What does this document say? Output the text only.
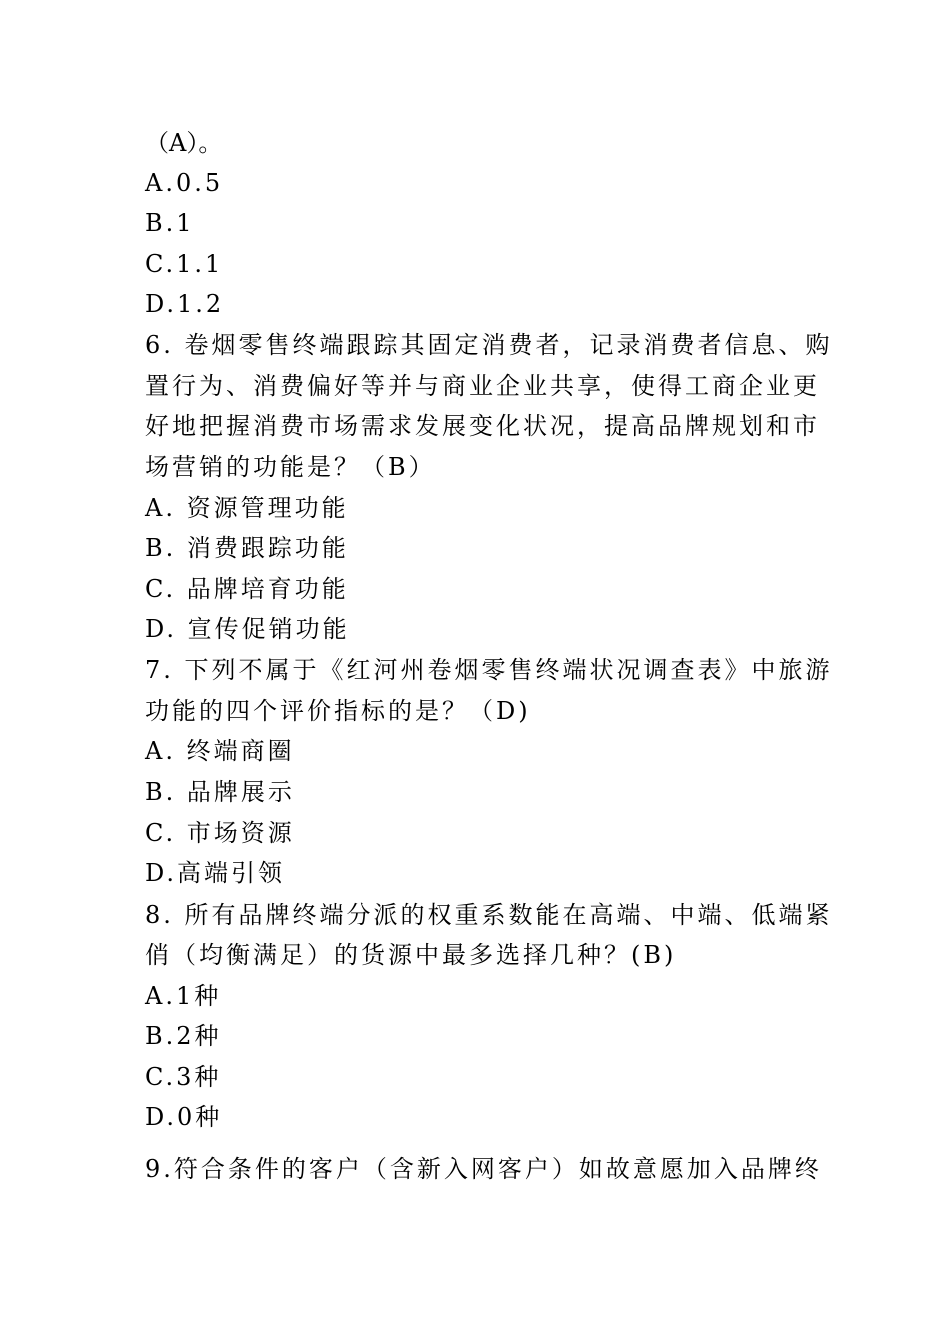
（A）。
A.0.5
B.1
C.1.1
D.1.2
6. 卷烟零售终端跟踪其固定消费者，记录消费者信息、购
置行为、消费偏好等并与商业企业共享，使得工商企业更
好地把握消费市场需求发展变化状况，提高品牌规划和市
场营销的功能是？（B）
A. 资源管理功能
B. 消费跟踪功能
C. 品牌培育功能
D. 宣传促销功能
7. 下列不属于《红河州卷烟零售终端状况调查表》中旅游
功能的四个评价指标的是？（D)
A. 终端商圈
B. 品牌展示
C. 市场资源
D.高端引领
8. 所有品牌终端分派的权重系数能在高端、中端、低端紧
俏（均衡满足）的货源中最多选择几种？(B)
A.1种
B.2种
C.3种
D.0种
9.符合条件的客户（含新入网客户）如故意愿加入品牌终
